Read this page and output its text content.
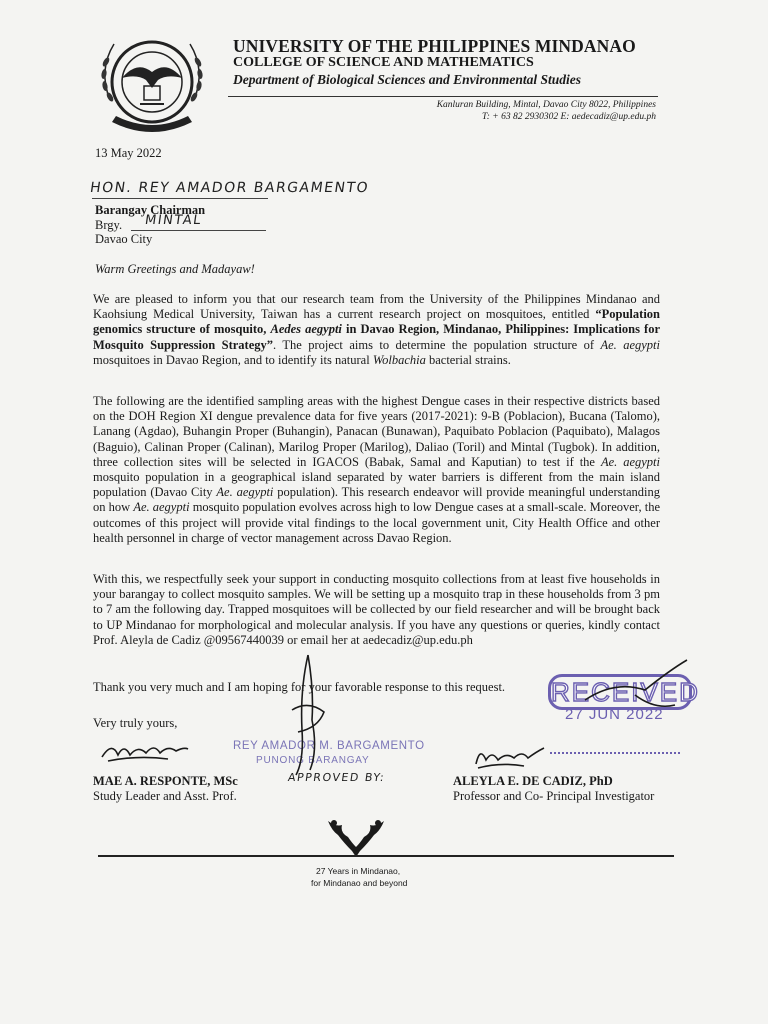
UNIVERSITY OF THE PHILIPPINES MINDANAO
COLLEGE OF SCIENCE AND MATHEMATICS
Department of Biological Sciences and Environmental Studies
Kanluran Building, Mintal, Davao City 8022, Philippines
T: + 63 82 2930302 E: aedecadiz@up.edu.ph
13 May 2022
HON. REY AMADOR BARGAMENTO
Barangay Chairman
Brgy. MINTAL
Davao City
Warm Greetings and Madayaw!
We are pleased to inform you that our research team from the University of the Philippines Mindanao and Kaohsiung Medical University, Taiwan has a current research project on mosquitoes, entitled “Population genomics structure of mosquito, Aedes aegypti in Davao Region, Mindanao, Philippines: Implications for Mosquito Suppression Strategy”. The project aims to determine the population structure of Ae. aegypti mosquitoes in Davao Region, and to identify its natural Wolbachia bacterial strains.
The following are the identified sampling areas with the highest Dengue cases in their respective districts based on the DOH Region XI dengue prevalence data for five years (2017-2021): 9-B (Poblacion), Bucana (Talomo), Lanang (Agdao), Buhangin Proper (Buhangin), Panacan (Bunawan), Paquibato Poblacion (Paquibato), Malagos (Baguio), Calinan Proper (Calinan), Marilog Proper (Marilog), Daliao (Toril) and Mintal (Tugbok). In addition, three collection sites will be selected in IGACOS (Babak, Samal and Kaputian) to test if the Ae. aegypti mosquito population in a geographical island separated by water barriers is different from the main island population (Davao City Ae. aegypti population). This research endeavor will provide meaningful understanding on how Ae. aegypti mosquito population evolves across high to low Dengue cases at a small-scale. Moreover, the outcomes of this project will provide vital findings to the local government unit, City Health Office and other health personnel in charge of vector management across Davao Region.
With this, we respectfully seek your support in conducting mosquito collections from at least five households in your barangay to collect mosquito samples. We will be setting up a mosquito trap in these households from 3 pm to 7 am the following day. Trapped mosquitoes will be collected by our field researcher and will be brought back to UP Mindanao for morphological and molecular analysis. If you have any questions or queries, kindly contact Prof. Aleyla de Cadiz @09567440039 or email her at aedecadiz@up.edu.ph
Thank you very much and I am hoping for your favorable response to this request.
Very truly yours,
RECEIVED
27 JUN 2022
REY AMADOR M. BARGAMENTO
PUNONG BARANGAY
APPROVED BY:
MAE A. RESPONTE, MSc
Study Leader and Asst. Prof.
ALEYLA E. DE CADIZ, PhD
Professor and Co- Principal Investigator
27 Years in Mindanao,
for Mindanao and beyond
